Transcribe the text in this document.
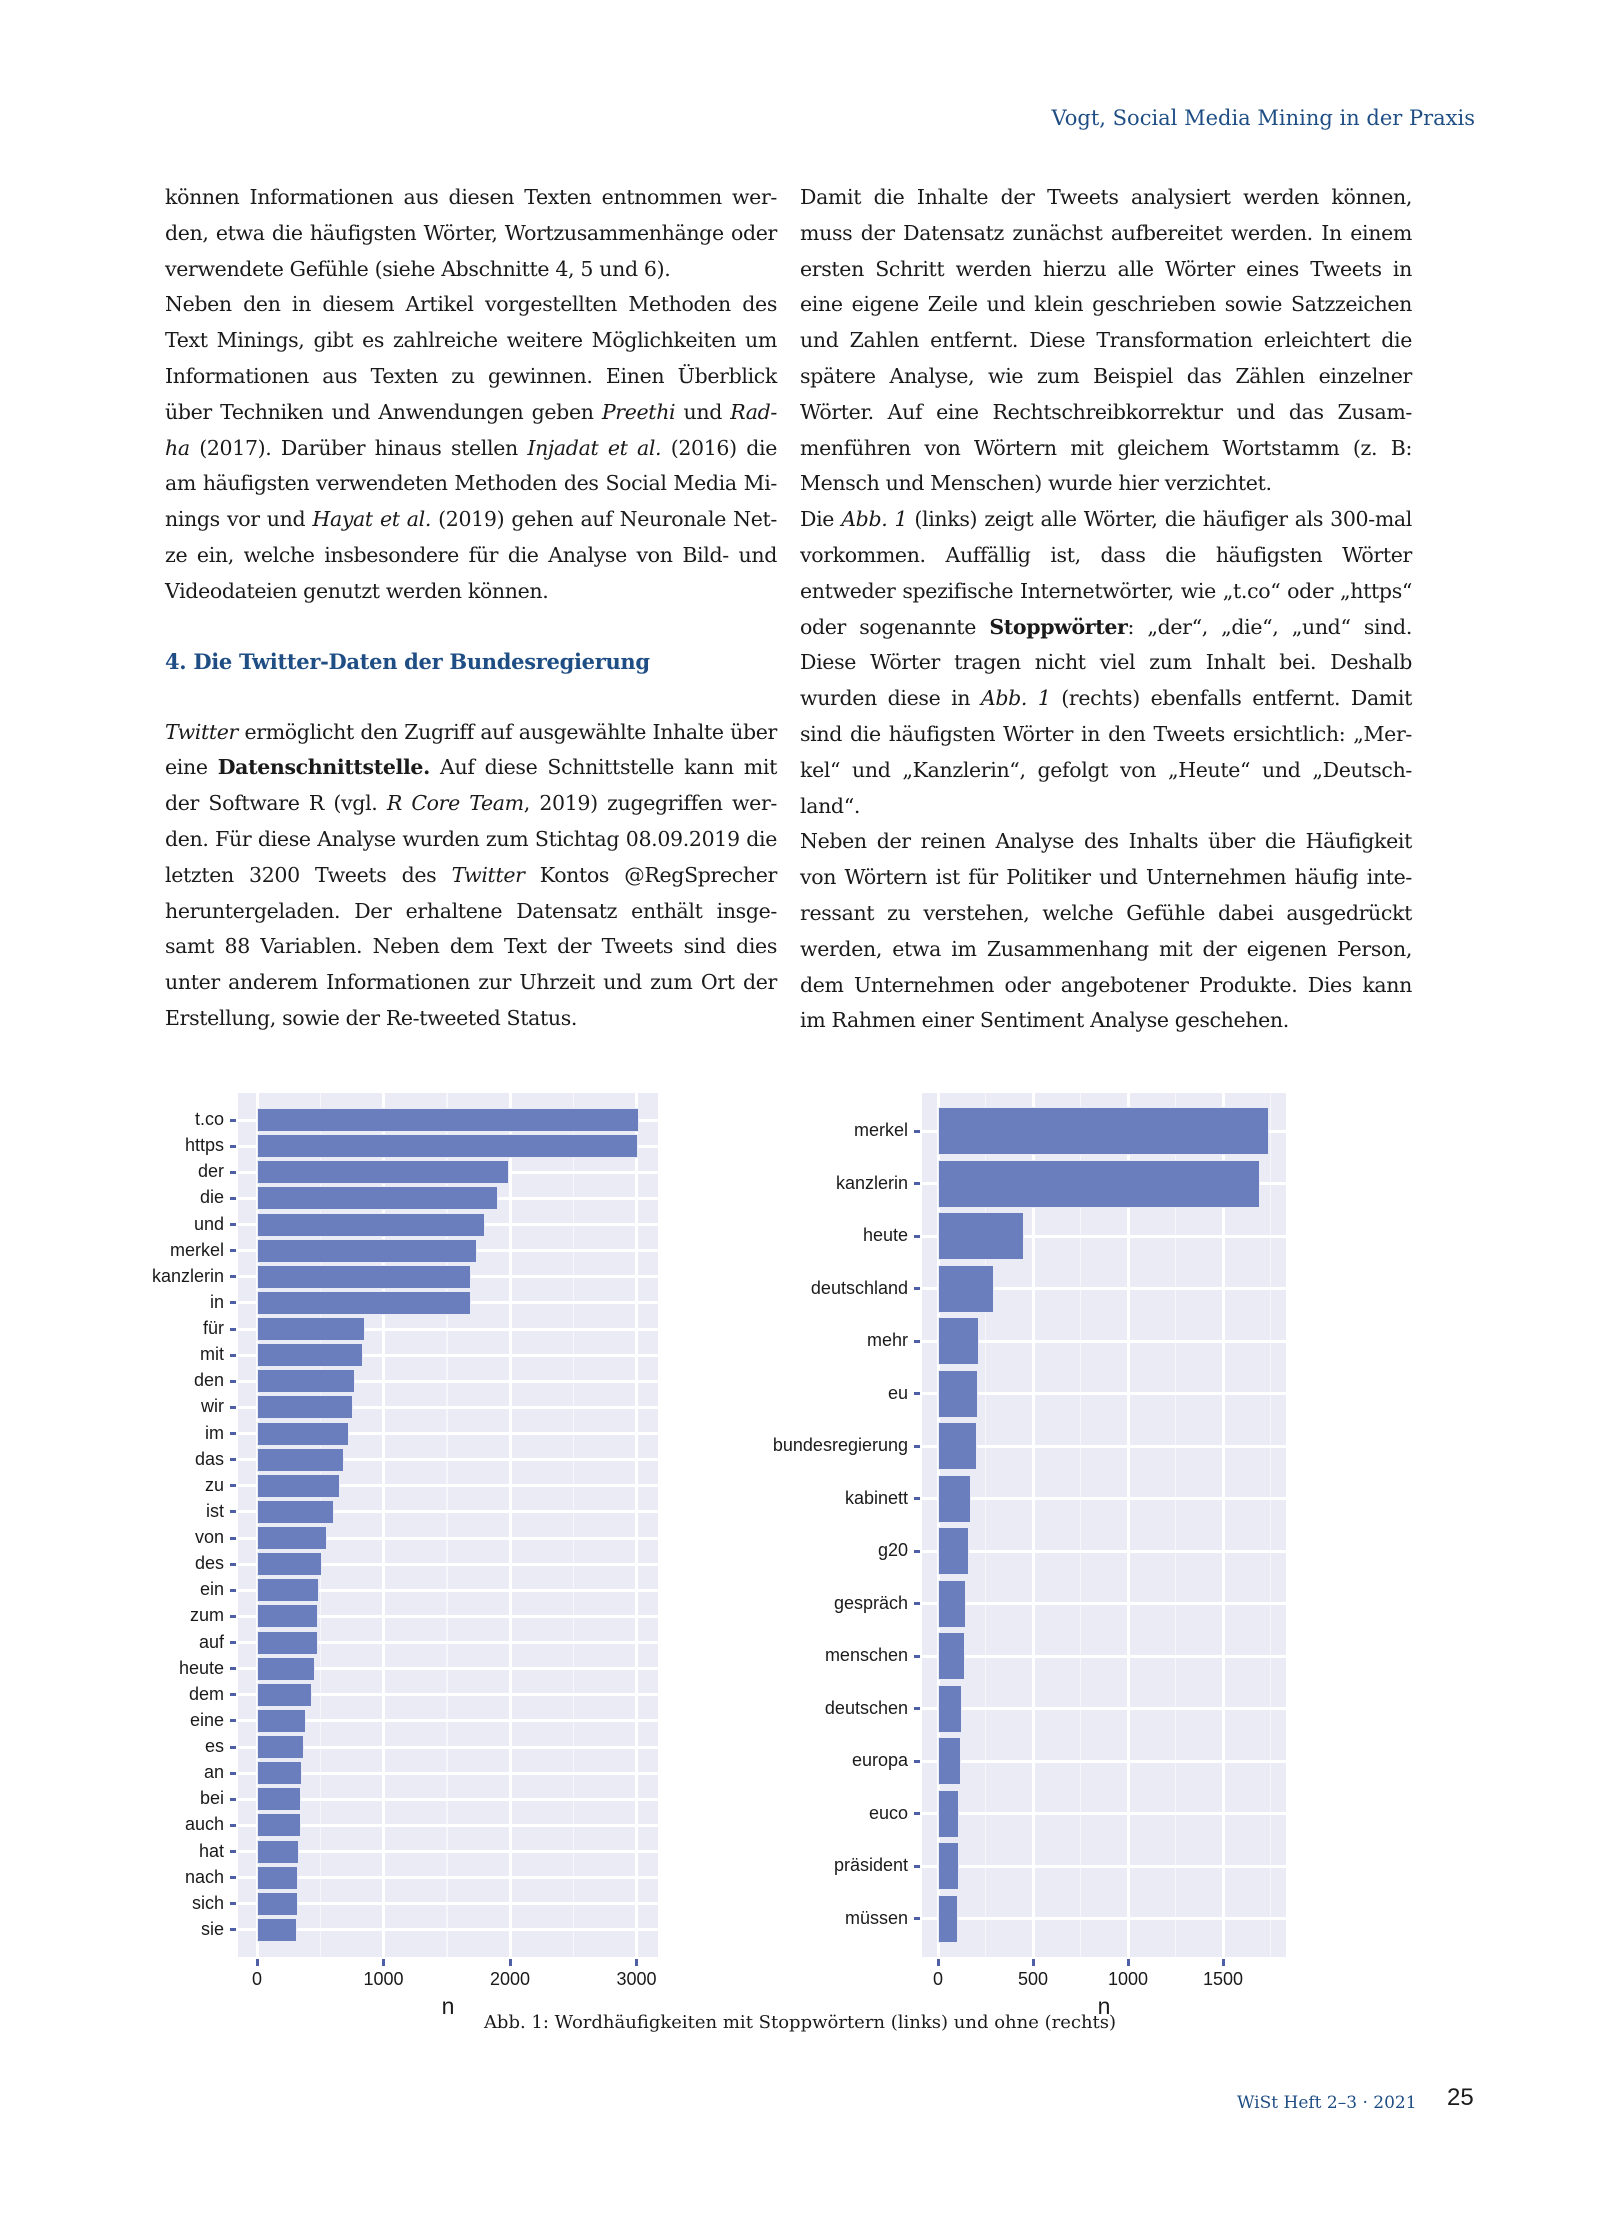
Vogt, Social Media Mining in der Praxis

können Informationen aus diesen Texten entnommen wer-den, etwa die häufigsten Wörter, Wortzusammenhänge oder verwendete Gefühle (siehe Abschnitte 4, 5 und 6).

Neben den in diesem Artikel vorgestellten Methoden des Text Minings, gibt es zahlreiche weitere Möglichkeiten um Informationen aus Texten zu gewinnen. Einen Überblick über Techniken und Anwendungen geben Preethi und Rad-ha (2017). Darüber hinaus stellen Injadat et al. (2016) die am häufigsten verwendeten Methoden des Social Media Mi-nings vor und Hayat et al. (2019) gehen auf Neuronale Net-ze ein, welche insbesondere für die Analyse von Bild- und Videodateien genutzt werden können.

4. Die Twitter-Daten der Bundesregierung

Twitter ermöglicht den Zugriff auf ausgewählte Inhalte über eine Datenschnittstelle. Auf diese Schnittstelle kann mit der Software R (vgl. R Core Team, 2019) zugegriffen wer-den. Für diese Analyse wurden zum Stichtag 08.09.2019 die letzten 3200 Tweets des Twitter Kontos @RegSprecher heruntergeladen. Der erhaltene Datensatz enthält insge-samt 88 Variablen. Neben dem Text der Tweets sind dies unter anderem Informationen zur Uhrzeit und zum Ort der Erstellung, sowie der Re-tweeted Status.

Damit die Inhalte der Tweets analysiert werden können, muss der Datensatz zunächst aufbereitet werden. In einem ersten Schritt werden hierzu alle Wörter eines Tweets in eine eigene Zeile und klein geschrieben sowie Satzzeichen und Zahlen entfernt. Diese Transformation erleichtert die spätere Analyse, wie zum Beispiel das Zählen einzelner Wörter. Auf eine Rechtschreibkorrektur und das Zusam-menführen von Wörtern mit gleichem Wortstamm (z. B: Mensch und Menschen) wurde hier verzichtet.

Die Abb. 1 (links) zeigt alle Wörter, die häufiger als 300-mal vorkommen. Auffällig ist, dass die häufigsten Wörter entweder spezifische Internetwörter, wie „t.co“ oder „https“ oder sogenannte Stoppwörter: „der“, „die“, „und“ sind. Diese Wörter tragen nicht viel zum Inhalt bei. Deshalb wurden diese in Abb. 1 (rechts) ebenfalls entfernt. Damit sind die häufigsten Wörter in den Tweets ersichtlich: „Mer-kel“ und „Kanzlerin“, gefolgt von „Heute“ und „Deutsch-land“.

Neben der reinen Analyse des Inhalts über die Häufigkeit von Wörtern ist für Politiker und Unternehmen häufig inte-ressant zu verstehen, welche Gefühle dabei ausgedrückt werden, etwa im Zusammenhang mit der eigenen Person, dem Unternehmen oder angebotener Produkte. Dies kann im Rahmen einer Sentiment Analyse geschehen.

Abb. 1: Wordhäufigkeiten mit Stoppwörtern (links) und ohne (rechts)
WiSt Heft 2–3 · 2021 25
t.co
https
der
die
und
merkel
kanzlerin
in
für
mit
den
wir
im
das
zu
ist
von
des
ein
zum
auf
heute
dem
eine
es
an
bei
auch
hat
nach
sich
sie
0	1000	2000	3000
n
merkel
kanzlerin
heute
deutschland
mehr
eu
bundesregierung
kabinett
g20
gespräch
menschen
deutschen
europa
euco
präsident
müssen
0	500	1000	1500
n
